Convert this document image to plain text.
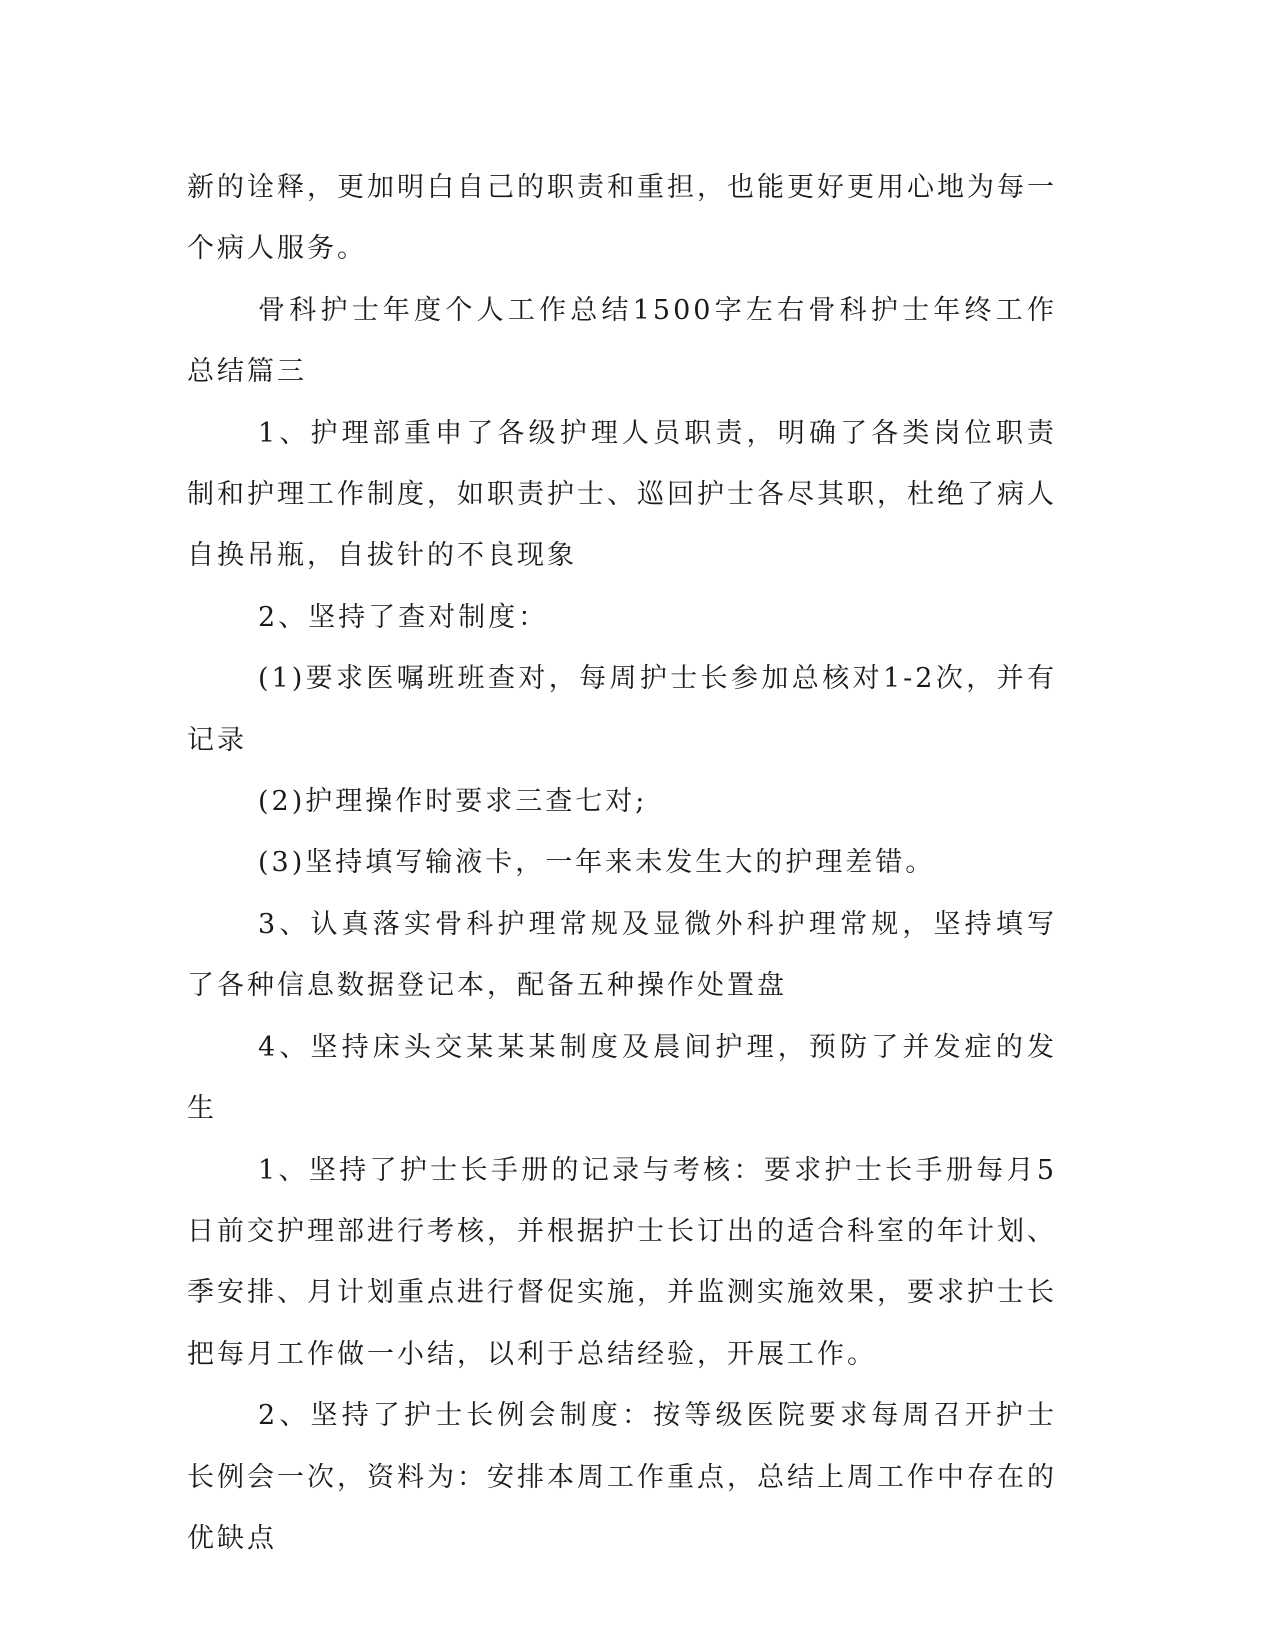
新的诠释，更加明白自己的职责和重担，也能更好更用心地为每一个病人服务。

骨科护士年度个人工作总结1500字左右骨科护士年终工作总结篇三

1、护理部重申了各级护理人员职责，明确了各类岗位职责制和护理工作制度，如职责护士、巡回护士各尽其职，杜绝了病人自换吊瓶，自拔针的不良现象

2、坚持了查对制度：

(1)要求医嘱班班查对，每周护士长参加总核对1-2次，并有记录

(2)护理操作时要求三查七对;

(3)坚持填写输液卡，一年来未发生大的护理差错。

3、认真落实骨科护理常规及显微外科护理常规，坚持填写了各种信息数据登记本，配备五种操作处置盘

4、坚持床头交某某某制度及晨间护理，预防了并发症的发生

1、坚持了护士长手册的记录与考核：要求护士长手册每月5日前交护理部进行考核，并根据护士长订出的适合科室的年计划、季安排、月计划重点进行督促实施，并监测实施效果，要求护士长把每月工作做一小结，以利于总结经验，开展工作。

2、坚持了护士长例会制度：按等级医院要求每周召开护士长例会一次，资料为：安排本周工作重点，总结上周工作中存在的优缺点
